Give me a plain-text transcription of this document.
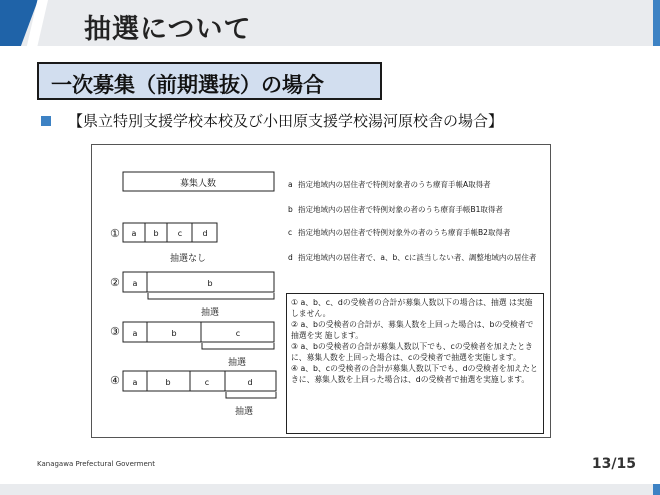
抽選について
一次募集（前期選抜）の場合
【県立特別支援学校本校及び小田原支援学校湯河原校舎の場合】
募集人数
① a b c	d
抽選なし
② a	b
抽選
③ a	b	c
抽選
④ a	b	c	d
抽選
a 指定地域内の居住者で特例対象者のうち療育手帳A取得者
b 指定地域内の居住者で特例対象の者のうち療育手帳B1取得者
c 指定地域内の居住者で特例対象外の者のうち療育手帳B2取得者
d 指定地域内の居住者で、a、b、cに該当しない者、調整地域内の居住者
① a、b、c、dの受検者の合計が募集人数以下の場合は、抽選 は実施しません。
② a、bの受検者の合計が、募集人数を上回った場合は、bの受検者で抽選を実 施します。
③ a、bの受検者の合計が募集人数以下でも、cの受検者を加えたときに、募集人数を上回った場合は、cの受検者で抽選を実施します。
④ a、b、cの受検者の合計が募集人数以下でも、dの受検者を加えたときに、募集人数を上回った場合は、dの受検者で抽選を実施します。
Kanagawa Prefectural Goverment	13/15
